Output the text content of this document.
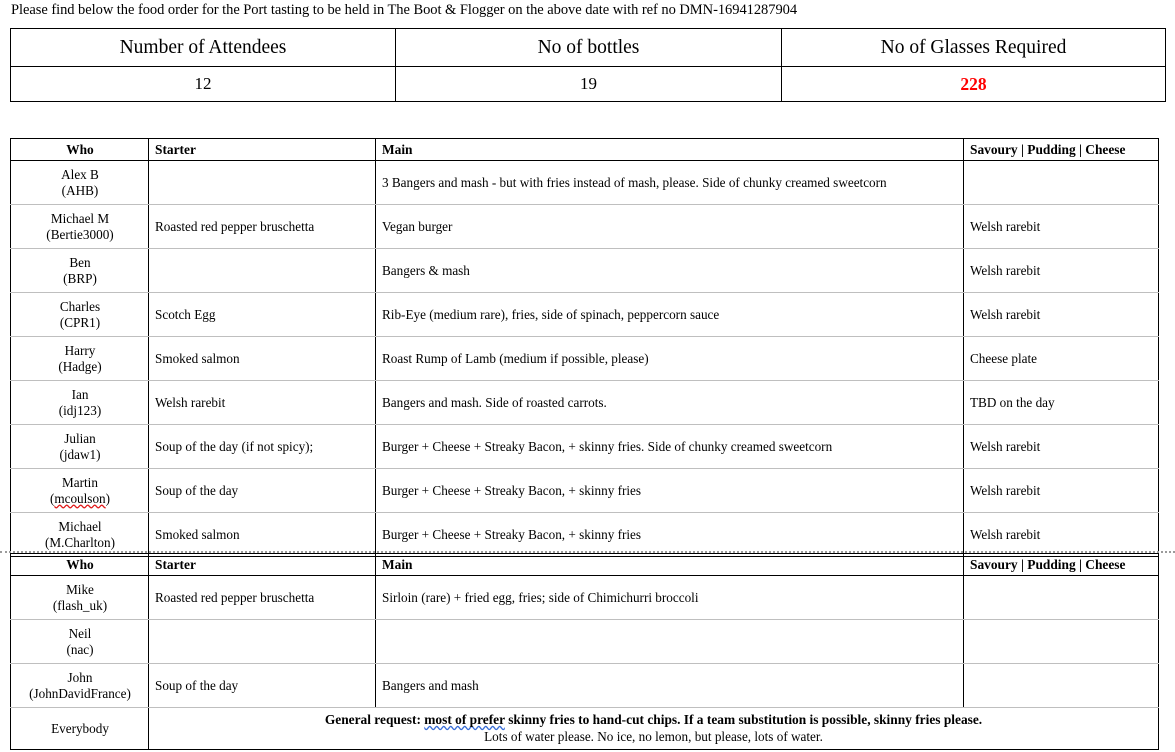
Please find below the food order for the Port tasting to be held in The Boot & Flogger on the above date with ref no DMN-16941287904
Number of Attendees	No of bottles	No of Glasses Required
12	19	228
Who	Starter	Main	Savoury | Pudding | Cheese

Alex B
(AHB)		3 Bangers and mash - but with fries instead of mash, please. Side of chunky creamed sweetcorn	

Michael M
(Bertie3000)	Roasted red pepper bruschetta	Vegan burger	Welsh rarebit

Ben
(BRP)		Bangers & mash	Welsh rarebit

Charles
(CPR1)	Scotch Egg	Rib-Eye (medium rare), fries, side of spinach, peppercorn sauce	Welsh rarebit

Harry
(Hadge)	Smoked salmon	Roast Rump of Lamb (medium if possible, please)	Cheese plate

Ian
(idj123)	Welsh rarebit	Bangers and mash. Side of roasted carrots.	TBD on the day

Julian
(jdaw1)	Soup of the day (if not spicy);	Burger + Cheese + Streaky Bacon, + skinny fries. Side of chunky creamed sweetcorn	Welsh rarebit

Martin
(mcoulson)	Soup of the day	Burger + Cheese + Streaky Bacon, + skinny fries	Welsh rarebit

Michael
(M.Charlton)	Smoked salmon	Burger + Cheese + Streaky Bacon, + skinny fries	Welsh rarebit
Who	Starter	Main	Savoury | Pudding | Cheese

Mike
(flash_uk)	Roasted red pepper bruschetta	Sirloin (rare) + fried egg, fries; side of Chimichurri broccoli	

Neil
(nac)			

John
(JohnDavidFrance)	Soup of the day	Bangers and mash	
Everybody	General request: most of prefer skinny fries to hand-cut chips. If a team substitution is possible, skinny fries please.
Lots of water please. No ice, no lemon, but please, lots of water.		
